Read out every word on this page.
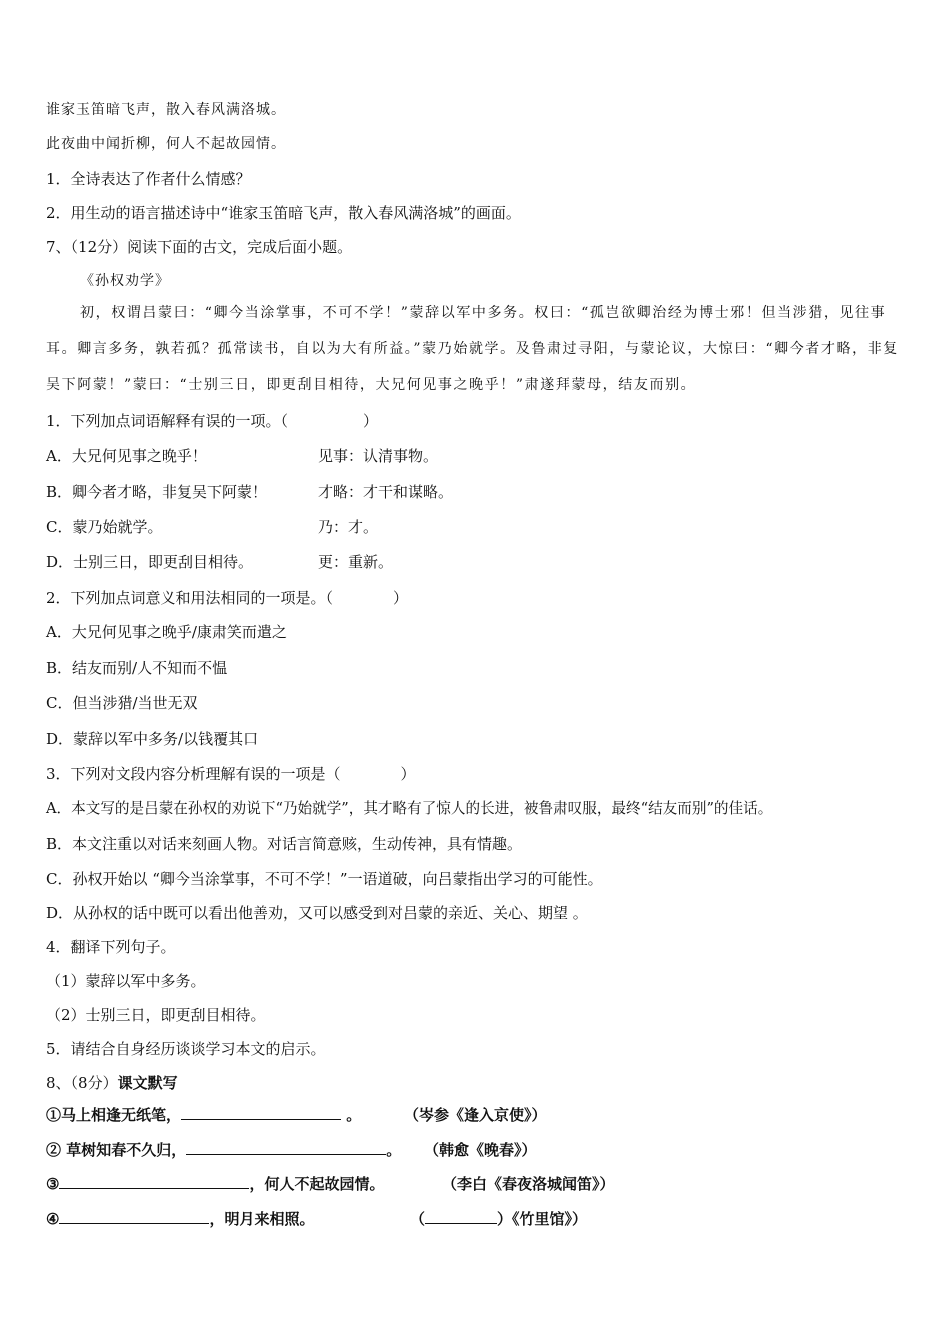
谁家玉笛暗飞声，散入春风满洛城。
此夜曲中闻折柳，何人不起故园情。
1．全诗表达了作者什么情感？
2．用生动的语言描述诗中“谁家玉笛暗飞声，散入春风满洛城”的画面。
7、（12分）阅读下面的古文，完成后面小题。
《孙权劝学》
初，权谓吕蒙曰：“卿今当涂掌事，不可不学！”蒙辞以军中多务。权曰：“孤岂欲卿治经为博士邪！但当涉猎，见往事耳。卿言多务，孰若孤？孤常读书，自以为大有所益。”蒙乃始就学。及鲁肃过寻阳，与蒙论议，大惊曰：“卿今者才略，非复吴下阿蒙！”蒙曰：“士别三日，即更刮目相待，大兄何见事之晚乎！”肃遂拜蒙母，结友而别。
1．下列加点词语解释有误的一项。（　　　　　）
A．大兄何见事之晚乎！	见事：认清事物。
B．卿今者才略，非复吴下阿蒙！	才略：才干和谋略。
C．蒙乃始就学。	乃：才。
D．士别三日，即更刮目相待。	更：重新。
2．下列加点词意义和用法相同的一项是。（　　　　）
A．大兄何见事之晚乎/康肃笑而遣之
B．结友而别/人不知而不愠
C．但当涉猎/当世无双
D．蒙辞以军中多务/以钱覆其口
3．下列对文段内容分析理解有误的一项是（　　　　）
A．本文写的是吕蒙在孙权的劝说下“乃始就学”，其才略有了惊人的长进，被鲁肃叹服，最终“结友而别”的佳话。
B．本文注重以对话来刻画人物。对话言简意赅，生动传神，具有情趣。
C．孙权开始以 “卿今当涂掌事，不可不学！”一语道破，向吕蒙指出学习的可能性。
D．从孙权的话中既可以看出他善劝，又可以感受到对吕蒙的亲近、关心、期望 。
4．翻译下列句子。
（1）蒙辞以军中多务。
（2）士别三日，即更刮目相待。
5．请结合自身经历谈谈学习本文的启示。
8、（8分）课文默写
①马上相逢无纸笔，	。	（岑参《逢入京使》）
② 草树知春不久归，	。 （韩愈《晚春》）
③	，何人不起故园情。	（李白《春夜洛城闻笛》）
④	，明月来相照。	（	）《竹里馆》）
